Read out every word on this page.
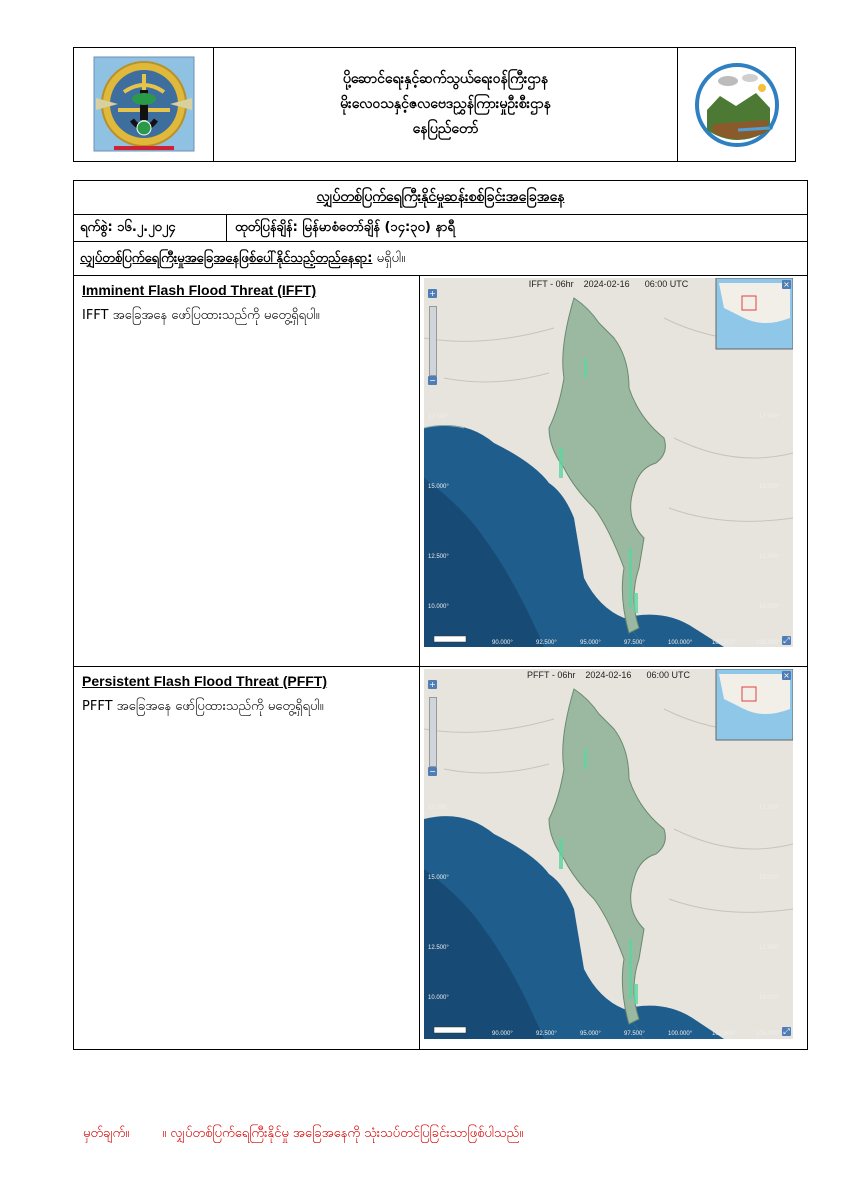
ပို့ဆောင်ရေးနှင့်ဆက်သွယ်ရေးဝန်ကြီးဌာန
မိုးလေဝသနှင့်ဇလဗေဒညွှန်ကြားမှုဦးစီးဌာန
နေပြည်တော်
လျှပ်တစ်ပြက်ရေကြီးနိုင်မှုဆန်းစစ်ခြင်းအခြေအနေ
ရက်စွဲ: ၁၆.၂.၂၀၂၄	ထုတ်ပြန်ချိန်: မြန်မာစံတော်ချိန် (၁၄:၃၀) နာရီ
လျှပ်တစ်ပြက်ရေကြီးမှုအခြေအနေဖြစ်ပေါ်နိုင်သည့်တည်နေရာ: မရှိပါ။
Imminent Flash Flood Threat (IFFT)
IFFT အခြေအနေ ဖော်ပြထားသည်ကို မတွေ့ရှိရပါ။
17.500°	17.500°
15.000°	15.000°
12.500°	12.500°
10.000°	10.000°
90.000°	92.500°	95.000°	97.500°	100.000°	102.500°	105.000°
IFFT - 06hr 2024-02-16 06:00 UTC
+
−
⤢
×
Persistent Flash Flood Threat (PFFT)
PFFT အခြေအနေ ဖော်ပြထားသည်ကို မတွေ့ရှိရပါ။
17.500°	17.500°
15.000°	15.000°
12.500°	12.500°
10.000°	10.000°
90.000°	92.500°	95.000°	97.500°	100.000°	102.500°	105.000°
PFFT - 06hr 2024-02-16 06:00 UTC
+
−
⤢
×
မှတ်ချက်။	။ လျှပ်တစ်ပြက်ရေကြီးနိုင်မှု အခြေအနေကို သုံးသပ်တင်ပြခြင်းသာဖြစ်ပါသည်။
